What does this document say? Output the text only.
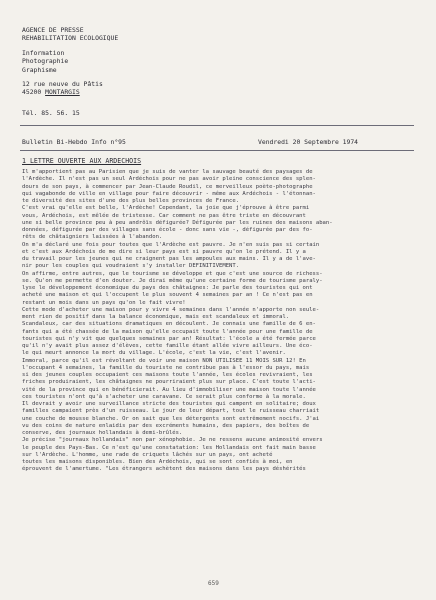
AGENCE DE PRESSE
REHABILITATION ECOLOGIQUE
Information
Photographie
Graphisme
12 rue neuve du Pâtis
45200 MONTARGIS
Tél. 85. 56. 15
Bulletin Bi-Hebdo Info n°95	Vendredi 20 Septembre 1974
1 LETTRE OUVERTE AUX ARDECHOIS
Il m'apportient pas au Parisien que je suis de vanter la sauvage beauté des paysages de
l'Ardèche. Il n'est pas un seul Ardéchois pour ne pas avoir pleine conscience des splen-
dours de son pays, à commencer par Jean-Claude Roudil, ce merveilleux poète-photographe
qui vagabonde de ville en village pour faire découvrir - même aux Ardéchois - l'étonnan-
te diversité des sites d'une des plus belles provinces de France.
C'est vrai qu'elle est belle, l'Ardèche! Cependant, la joie que j'éprouve à être parmi
vous, Ardéchois, est mêlée de tristesse. Car comment ne pas être triste en découvrant
une si belle province peu à peu andrôïs défigurée? Défigurée par les ruines des maisons aban-
données, défigurée par des villages sans école - donc sans vie -, défigurée par des fo-
rêts de châtaigniers laissées à l'abandon.
On m'a déclaré une fois pour toutes que l'Ardèche est pauvre. Je n'en suis pas si certain
et c'est aux Ardéchois de me dire si leur pays est si pauvre qu'on le prétend. Il y a
du travail pour les jeunes qui ne craignent pas les ampoules aux mains. Il y a de l'ave-
nir pour les couples qui voudraient s'y installer DEFINITIVEMENT.
On affirme, entre autres, que le tourisme se développe et que c'est une source de richess-
se. Qu'on me permette d'en douter. Je dirai même qu'une certaine forme de tourisme paraly-
lyse le développement économique du pays des châtaignes: Je parle des touristes qui ont
acheté une maison et qui l'occupent le plus souvent 4 semaines par an ! Ce n'est pas en
restant un mois dans un pays qu'on le fait vivre!
Cette mode d'acheter une maison pour y vivre 4 semaines dans l'année n'apporte non seule-
ment rien de positif dans la balance économique, mais est scandaleux et immoral.
Scandaleux, car des situations dramatiques en découlent. Je connais une famille de 6 en-
fants qui a été chassée de la maison qu'elle occupait toute l'année pour une famille de
touristes qui n'y vit que quelques semaines par an! Résultat: l'école a été fermée parce
qu'il n'y avait plus assez d'élèves, cette famille étant allée vivre ailleurs. Une éco-
le qui meurt annonce la mort du village. L'école, c'est la vie, c'est l'avenir.
Immoral, parce qu'il est révoltant de voir une maison NON UTILISEE 11 MOIS SUR 12! En
l'occupant 4 semaines, la famille du touriste ne contribue pas à l'essor du pays, mais
si des jeunes couples occupaient ces maisons toute l'année, les écoles revivraient, les
friches produiraient, les châtaignes ne pourriraient plus sur place. C'est toute l'acti-
vité de la province qui en bénéficierait. Au lieu d'immobiliser une maison toute l'année
ces touristes n'ont qu'à s'acheter une caravane. Ce serait plus conforme à la morale.
Il devrait y avoir une surveillance stricte des touristes qui campent en solitaire; doux
familles campaient près d'un ruisseau. Le jour de leur départ, tout le ruisseau charriait
une couche de mousse blanche. Or on sait que les détergents sont extrêmement nocifs. J'ai
vu des coins de nature enlaidis par des excréments humains, des papiers, des boîtes de
conserve, des journaux hollandais à demi-brûlés.
Je précise "journaux hollandais" non par xénophobie. Je ne ressens aucune animosité envers
le peuple des Pays-Bas. Ce n'est qu'une constatation: les Hollandais ont fait main basse
sur l'Ardèche. L'homme, une rade de criquets lâchés sur un pays, ont acheté
toutes les maisons disponibles. Bien des Ardéchois, qui se sont confiés à moi, en
éprouvent de l'amertume. "Les étrangers achètent des maisons dans les pays déshérités
659
